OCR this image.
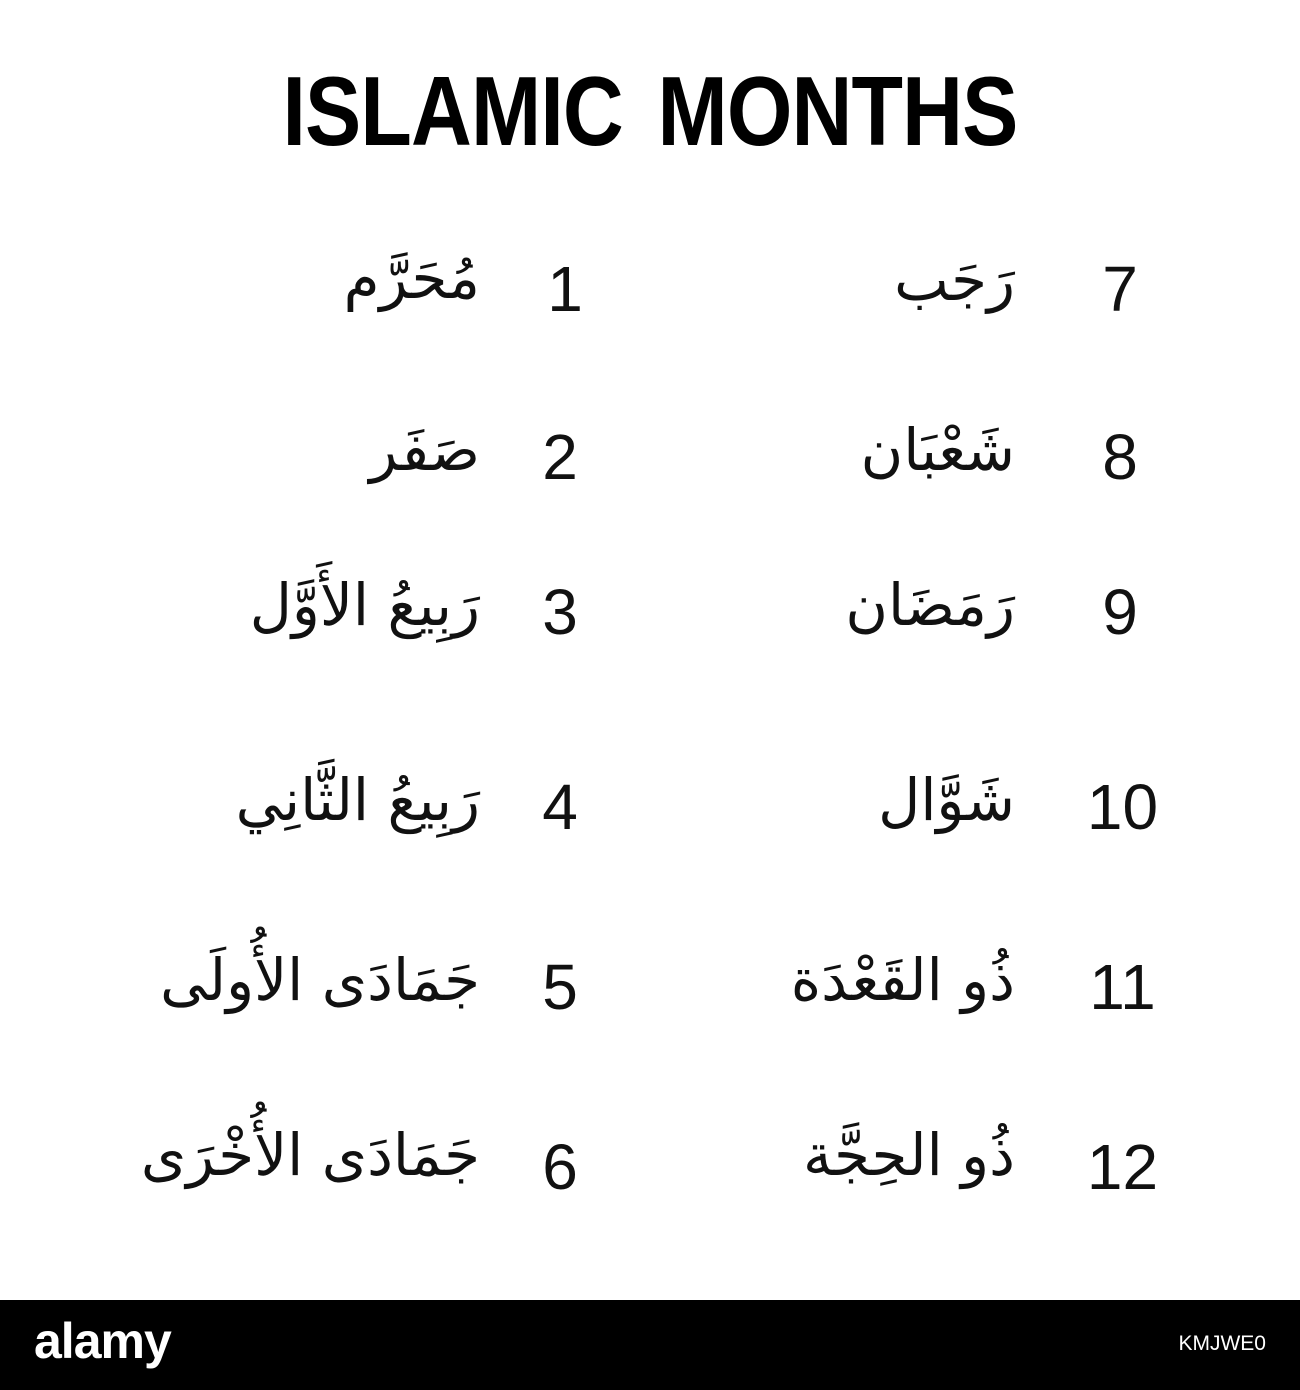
ISLAMIC MONTHS
مُحَرَّم 1
صَفَر 2
رَبِيعُ الأَوَّل 3
رَبِيعُ الثَّانِي 4
جَمَادَى الأُولَى 5
جَمَادَى الأُخْرَى 6
رَجَب 7
شَعْبَان 8
رَمَضَان 9
شَوَّال 10
ذُو القَعْدَة 11
ذُو الحِجَّة 12
alamy	KMJWE0
